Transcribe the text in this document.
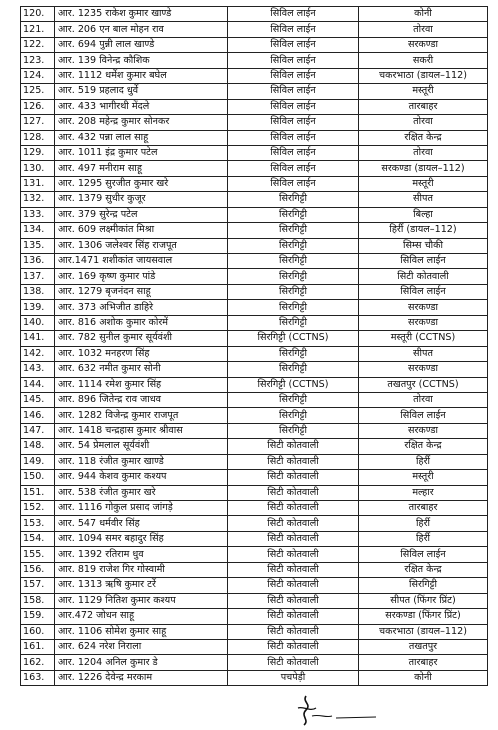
120.	आर. 1235 राकेश कुमार खाण्डे	सिविल लाईन	कोनी
121.	आर. 206 एन बाल मोहन राव	सिविल लाईन	तोरवा
122.	आर. 694 पुन्नी लाल खाण्डे	सिविल लाईन	सरकण्डा
123.	आर. 139 विनेन्द्र कौशिक	सिविल लाईन	सकरी
124.	आर. 1112 धर्मेश कुमार बघेल	सिविल लाईन	चकरभाठा (डायल–112)
125.	आर. 519 प्रहलाद धुर्वे	सिविल लाईन	मस्तूरी
126.	आर. 433 भागीरथी मेंदले	सिविल लाईन	तारबाहर
127.	आर. 208 महेन्द्र कुमार सोनकर	सिविल लाईन	तोरवा
128.	आर. 432 पन्ना लाल साहू	सिविल लाईन	रक्षित केन्द्र
129.	आर. 1011 इंद्र कुमार पटेल	सिविल लाईन	तोरवा
130.	आर. 497 मनीराम साहू	सिविल लाईन	सरकण्डा (डायल–112)
131.	आर. 1295 सुरजीत कुमार खरे	सिविल लाईन	मस्तूरी
132.	आर. 1379 सुधीर कुजूर	सिरगिट्टी	सीपत
133.	आर. 379 सुरेन्द्र पटेल	सिरगिट्टी	बिल्हा
134.	आर. 609 लक्ष्मीकांत मिश्रा	सिरगिट्टी	हिर्री (डायल–112)
135.	आर. 1306 जलेश्वर सिंह राजपूत	सिरगिट्टी	सिम्स चौकी
136.	आर.1471 शशीकांत जायसवाल	सिरगिट्टी	सिविल लाईन
137.	आर. 169 कृष्ण कुमार पांडे	सिरगिट्टी	सिटी कोतवाली
138.	आर. 1279 बृजनंदन साहू	सिरगिट्टी	सिविल लाईन
139.	आर. 373 अभिजीत डाहिरे	सिरगिट्टी	सरकण्डा
140.	आर. 816 अशोक कुमार कोरमें	सिरगिट्टी	सरकण्डा
141.	आर. 782 सुनील कुमार सूर्यवंशी	सिरगिट्टी (CCTNS)	मस्तूरी (CCTNS)
142.	आर. 1032 मनहरण सिंह	सिरगिट्टी	सीपत
143.	आर. 632 नमीत कुमार सोनी	सिरगिट्टी	सरकण्डा
144.	आर. 1114 रमेश कुमार सिंह	सिरगिट्टी (CCTNS)	तखतपुर (CCTNS)
145.	आर. 896 जितेन्द्र राव जाधव	सिरगिट्टी	तोरवा
146.	आर. 1282 विजेन्द्र कुमार राजपूत	सिरगिट्टी	सिविल लाईन
147.	आर. 1418 चन्द्रहास कुमार श्रीवास	सिरगिट्टी	सरकण्डा
148.	आर. 54 प्रेमलाल सूर्यवंशी	सिटी कोतवाली	रक्षित केन्द्र
149.	आर. 118 रंजीत कुमार खाण्डे	सिटी कोतवाली	हिर्री
150.	आर. 944 केशव कुमार कश्यप	सिटी कोतवाली	मस्तूरी
151.	आर. 538 रंजीत कुमार खरे	सिटी कोतवाली	मल्हार
152.	आर. 1116 गोकुल प्रसाद जांगड़े	सिटी कोतवाली	तारबाहर
153.	आर. 547 धर्मवीर सिंह	सिटी कोतवाली	हिर्री
154.	आर. 1094 समर बहादुर सिंह	सिटी कोतवाली	हिर्री
155.	आर. 1392 रतिराम धुव	सिटी कोतवाली	सिविल लाईन
156.	आर. 819 राजेश गिर गोस्वामी	सिटी कोतवाली	रक्षित केन्द्र
157.	आर. 1313 ऋषि कुमार टर्रे	सिटी कोतवाली	सिरगिट्टी
158.	आर. 1129 नितिश कुमार कश्यप	सिटी कोतवाली	सीपत (फिंगर प्रिंट)
159.	आर.472 जोधन साहू	सिटी कोतवाली	सरकण्डा (फिंगर प्रिंट)
160.	आर. 1106 सोमेश कुमार साहू	सिटी कोतवाली	चकरभाठा (डायल–112)
161.	आर. 624 नरेश निराला	सिटी कोतवाली	तखतपुर
162.	आर. 1204 अनिल कुमार डे	सिटी कोतवाली	तारबाहर
163.	आर. 1226 देवेन्द्र मरकाम	पचपेड़ी	कोनी
